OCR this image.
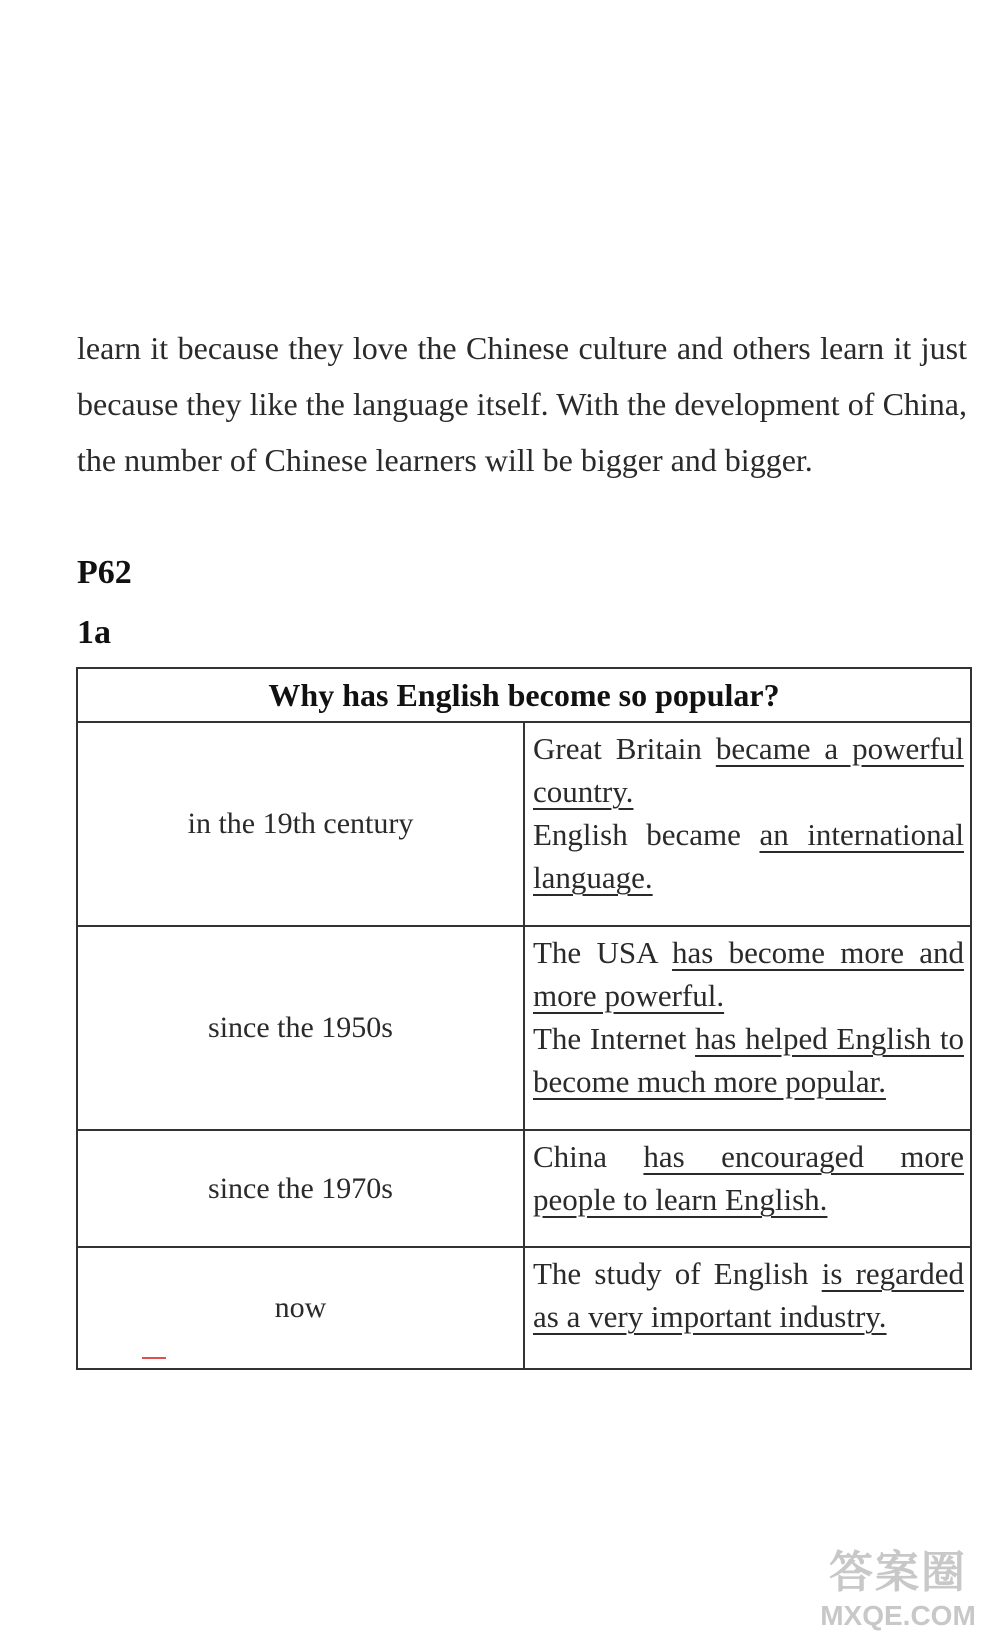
learn it because they love the Chinese culture and others learn it just because they like the language itself. With the development of China, the number of Chinese learners will be bigger and bigger.

P62
1a
Why has English become so popular?	
in the 19th century	Great Britain became a powerful country.

English became an international language.

since the 1950s	The USA has become more and more powerful.

The Internet has helped English to become much more popular.

since the 1970s	China has encouraged more people to learn English.

now	The study of English is regarded as a very important industry.

答案圈
MXQE.COM
